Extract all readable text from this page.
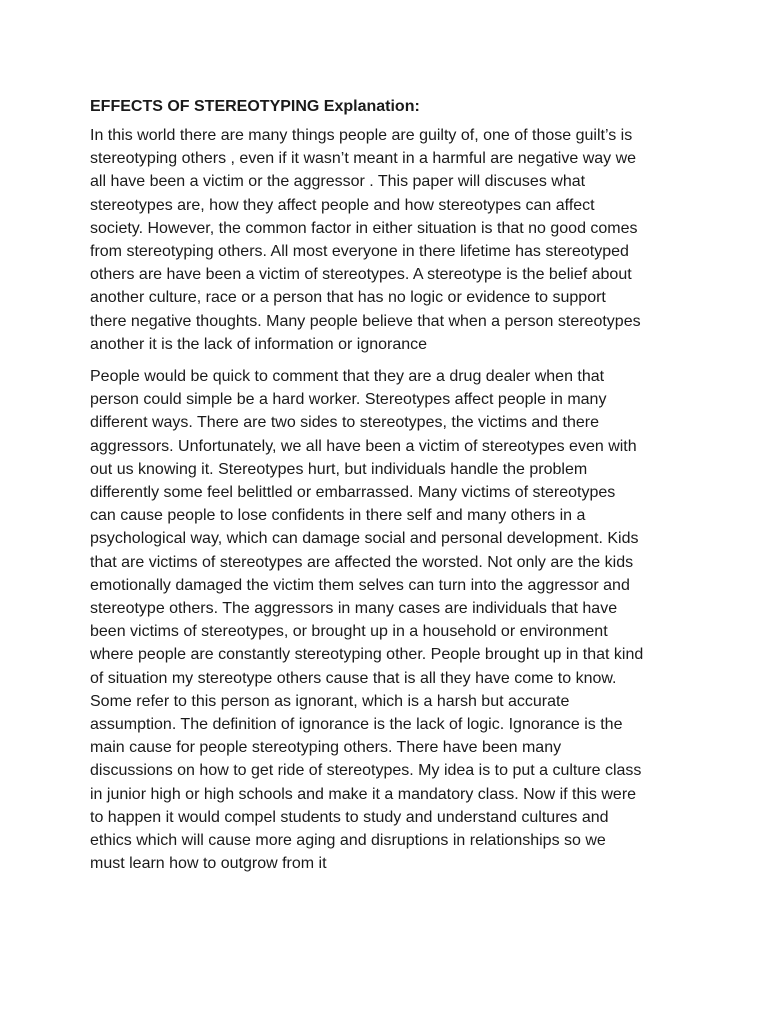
EFFECTS OF STEREOTYPING Explanation:
In this world there are many things people are guilty of, one of those guilt’s is
stereotyping others , even if it wasn’t meant in a harmful are negative way we
all have been a victim or the aggressor . This paper will discuses what
stereotypes are, how they affect people and how stereotypes can affect
society. However, the common factor in either situation is that no good comes
from stereotyping others. All most everyone in there lifetime has stereotyped
others are have been a victim of stereotypes. A stereotype is the belief about
another culture, race or a person that has no logic or evidence to support
there negative thoughts. Many people believe that when a person stereotypes
another it is the lack of information or ignorance
People would be quick to comment that they are a drug dealer when that
person could simple be a hard worker. Stereotypes affect people in many
different ways. There are two sides to stereotypes, the victims and there
aggressors. Unfortunately, we all have been a victim of stereotypes even with
out us knowing it. Stereotypes hurt, but individuals handle the problem
differently some feel belittled or embarrassed. Many victims of stereotypes
can cause people to lose confidents in there self and many others in a
psychological way, which can damage social and personal development. Kids
that are victims of stereotypes are affected the worsted. Not only are the kids
emotionally damaged the victim them selves can turn into the aggressor and
stereotype others. The aggressors in many cases are individuals that have
been victims of stereotypes, or brought up in a household or environment
where people are constantly stereotyping other. People brought up in that kind
of situation my stereotype others cause that is all they have come to know.
Some refer to this person as ignorant, which is a harsh but accurate
assumption. The definition of ignorance is the lack of logic. Ignorance is the
main cause for people stereotyping others. There have been many
discussions on how to get ride of stereotypes. My idea is to put a culture class
in junior high or high schools and make it a mandatory class. Now if this were
to happen it would compel students to study and understand cultures and
ethics which will cause more aging and disruptions in relationships so we
must learn how to outgrow from it
